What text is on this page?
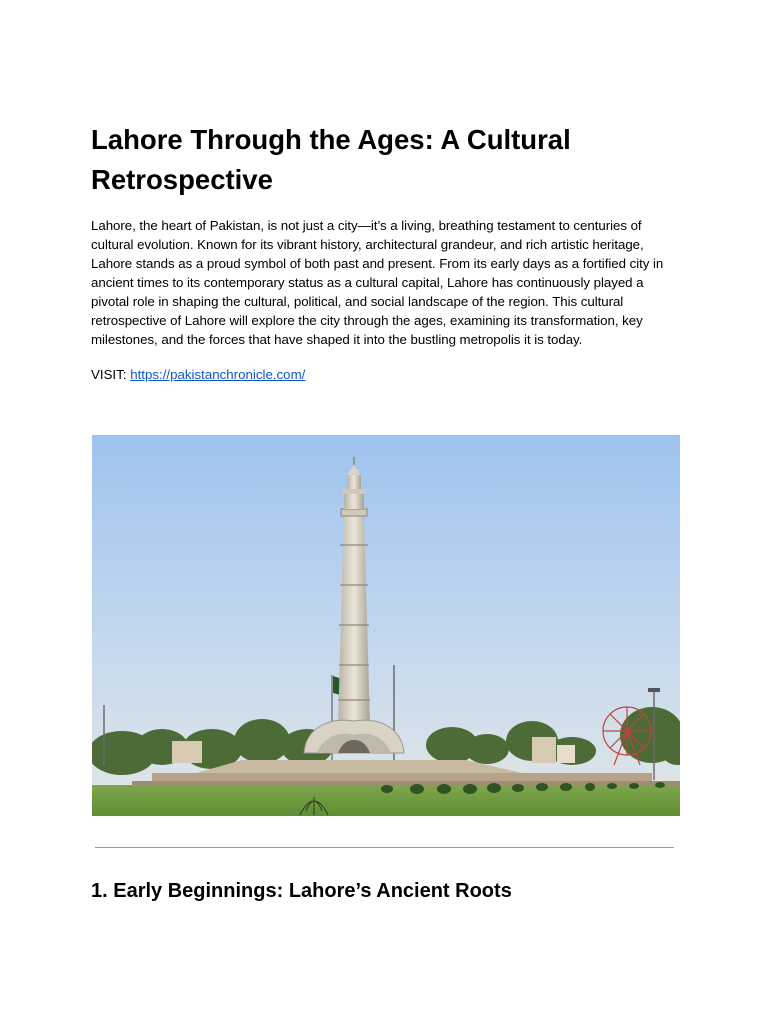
Lahore Through the Ages: A Cultural Retrospective

Lahore, the heart of Pakistan, is not just a city—it’s a living, breathing testament to centuries of cultural evolution. Known for its vibrant history, architectural grandeur, and rich artistic heritage, Lahore stands as a proud symbol of both past and present. From its early days as a fortified city in ancient times to its contemporary status as a cultural capital, Lahore has continuously played a pivotal role in shaping the cultural, political, and social landscape of the region. This cultural retrospective of Lahore will explore the city through the ages, examining its transformation, key milestones, and the forces that have shaped it into the bustling metropolis it is today.

VISIT: https://pakistanchronicle.com/

1. Early Beginnings: Lahore’s Ancient Roots
